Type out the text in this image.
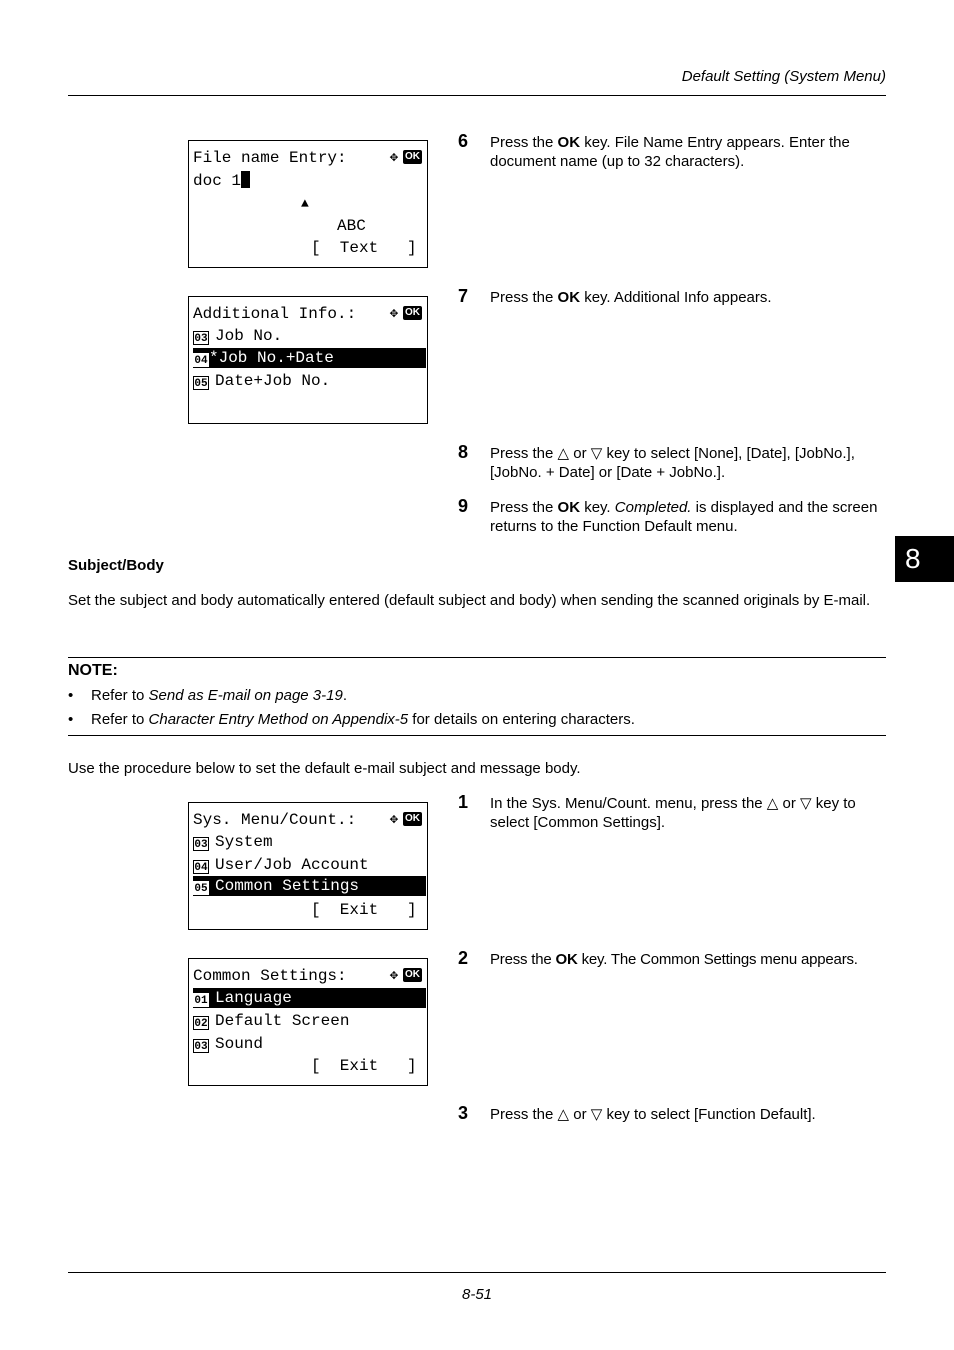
Default Setting (System Menu)
8
File name Entry:	✥ OK
doc 1
▲
ABC
[  Text   ]
Additional Info.:	✥ OK
03 Job No.
04*Job No.+Date
05 Date+Job No.
6 Press the OK key. File Name Entry appears. Enter the document name (up to 32 characters).
7 Press the OK key. Additional Info appears.
8 Press the △ or ▽ key to select [None], [Date], [JobNo.], [JobNo. + Date] or [Date + JobNo.].
9 Press the OK key. Completed. is displayed and the screen returns to the Function Default menu.
Subject/Body
Set the subject and body automatically entered (default subject and body) when sending the scanned originals by E-mail.
NOTE:
• Refer to Send as E-mail on page 3-19.
• Refer to Character Entry Method on Appendix-5 for details on entering characters.
Use the procedure below to set the default e-mail subject and message body.
Sys. Menu/Count.:	✥ OK
03 System
04 User/Job Account
05 Common Settings
[  Exit   ]
Common Settings:	✥ OK
01 Language
02 Default Screen
03 Sound
[  Exit   ]
1 In the Sys. Menu/Count. menu, press the △ or ▽ key to select [Common Settings].
2 Press the OK key. The Common Settings menu appears.
3 Press the △ or ▽ key to select [Function Default].
8-51
